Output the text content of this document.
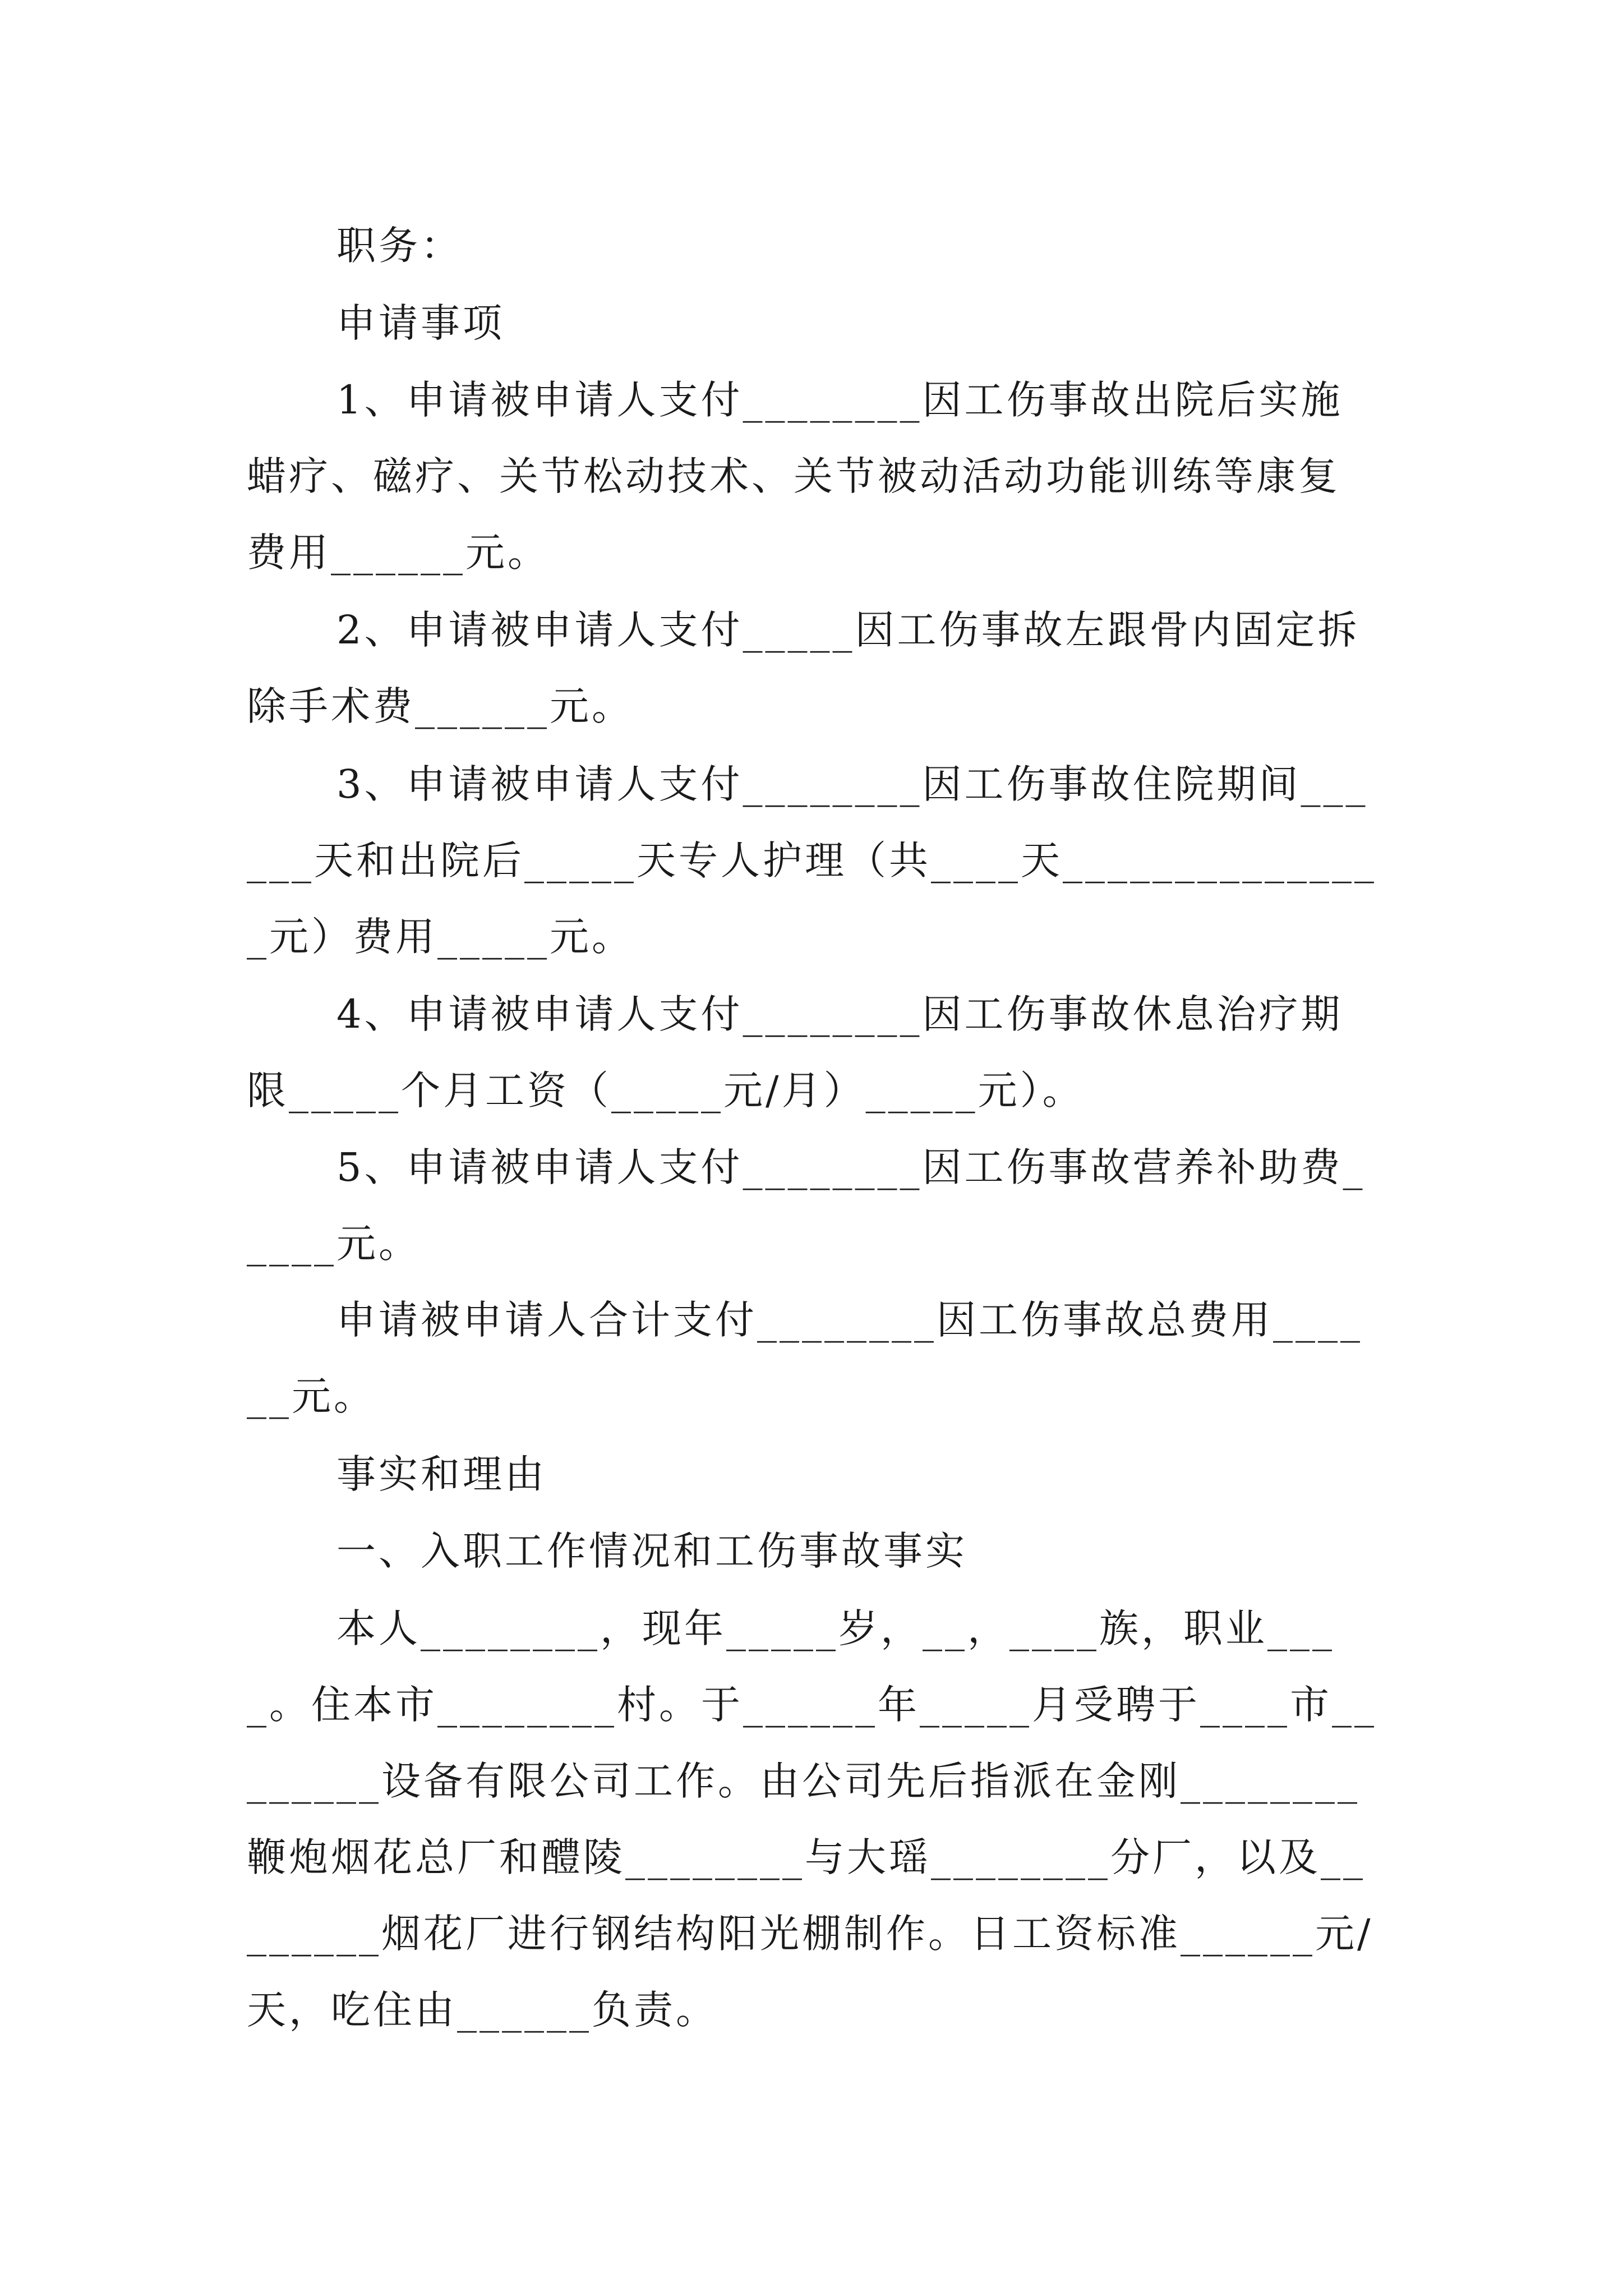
职务：

申请事项

1、申请被申请人支付________因工伤事故出院后实施蜡疗、磁疗、关节松动技术、关节被动活动功能训练等康复费用______元。

2、申请被申请人支付_____因工伤事故左跟骨内固定拆除手术费______元。

3、申请被申请人支付________因工伤事故住院期间______天和出院后_____天专人护理（共____天_______________元）费用_____元。

4、申请被申请人支付________因工伤事故休息治疗期限_____个月工资（_____元/月）_____元）。

5、申请被申请人支付________因工伤事故营养补助费_____元。

申请被申请人合计支付________因工伤事故总费用______元。

事实和理由

一、入职工作情况和工伤事故事实

本人________，现年_____岁，__，____族，职业____。住本市________村。于______年_____月受聘于____市________设备有限公司工作。由公司先后指派在金刚________鞭炮烟花总厂和醴陵________与大瑶________分厂，以及________烟花厂进行钢结构阳光棚制作。日工资标准______元/天，吃住由______负责。
